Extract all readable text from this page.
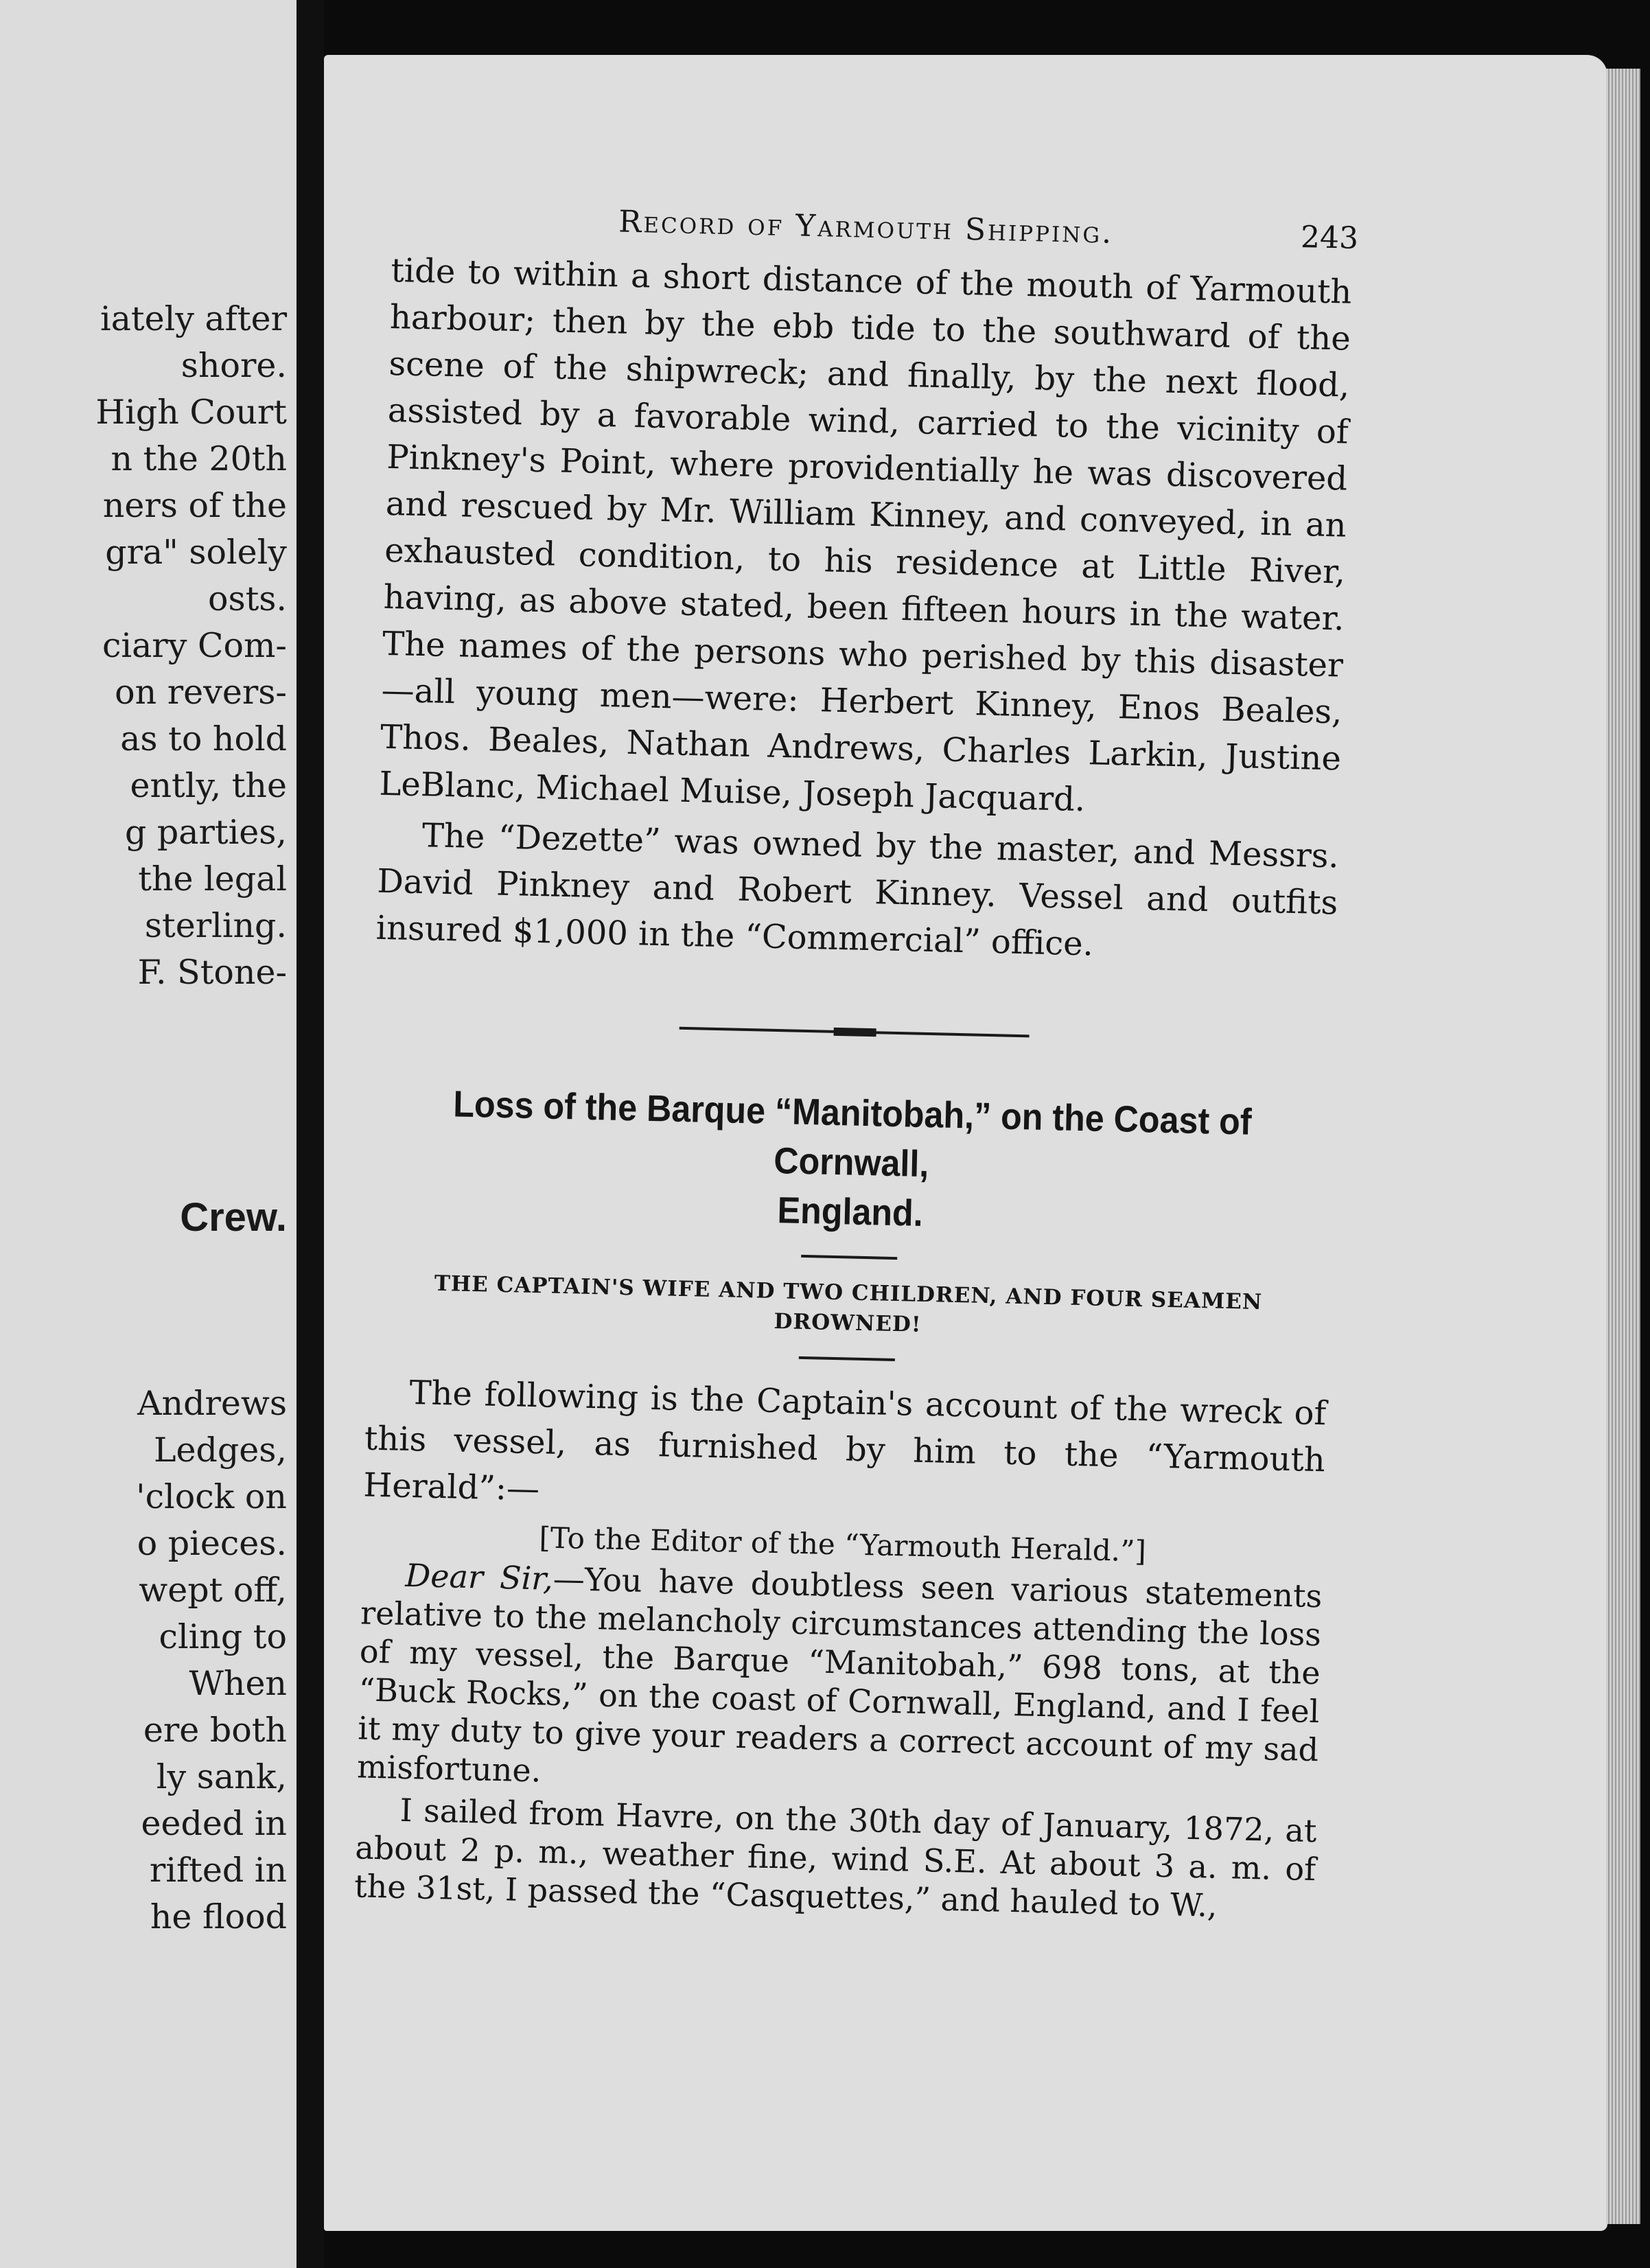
iately after
shore.
High Court
n the 20th
ners of the
gra" solely
osts.
ciary Com-
on revers-
as to hold
ently, the
g parties,
the legal
sterling.
F. Stone-
Crew.
Andrews
Ledges,
'clock on
o pieces.
wept off,
cling to
When
ere both
ly sank,
eeded in
rifted in
he flood
Record of Yarmouth Shipping.	243

tide to within a short distance of the mouth of Yarmouth harbour; then by the ebb tide to the southward of the scene of the shipwreck; and finally, by the next flood, assisted by a favorable wind, carried to the vicinity of Pinkney's Point, where providentially he was discovered and rescued by Mr. William Kinney, and conveyed, in an exhausted condition, to his residence at Little River, having, as above stated, been fifteen hours in the water. The names of the persons who perished by this disaster—all young men—were: Herbert Kinney, Enos Beales, Thos. Beales, Nathan Andrews, Charles Larkin, Justine LeBlanc, Michael Muise, Joseph Jacquard.

The “Dezette” was owned by the master, and Messrs. David Pinkney and Robert Kinney. Vessel and outfits insured $1,000 in the “Commercial” office.

Loss of the Barque “Manitobah,” on the Coast of Cornwall,
England.
THE CAPTAIN'S WIFE AND TWO CHILDREN, AND FOUR SEAMEN DROWNED!

The following is the Captain's account of the wreck of this vessel, as furnished by him to the “Yarmouth Herald”:—

[To the Editor of the “Yarmouth Herald.”]

Dear Sir,—You have doubtless seen various statements relative to the melancholy circumstances attending the loss of my vessel, the Barque “Manitobah,” 698 tons, at the “Buck Rocks,” on the coast of Cornwall, England, and I feel it my duty to give your readers a correct account of my sad misfortune.

I sailed from Havre, on the 30th day of January, 1872, at about 2 p. m., weather fine, wind S.E. At about 3 a. m. of the 31st, I passed the “Casquettes,” and hauled to W.,
